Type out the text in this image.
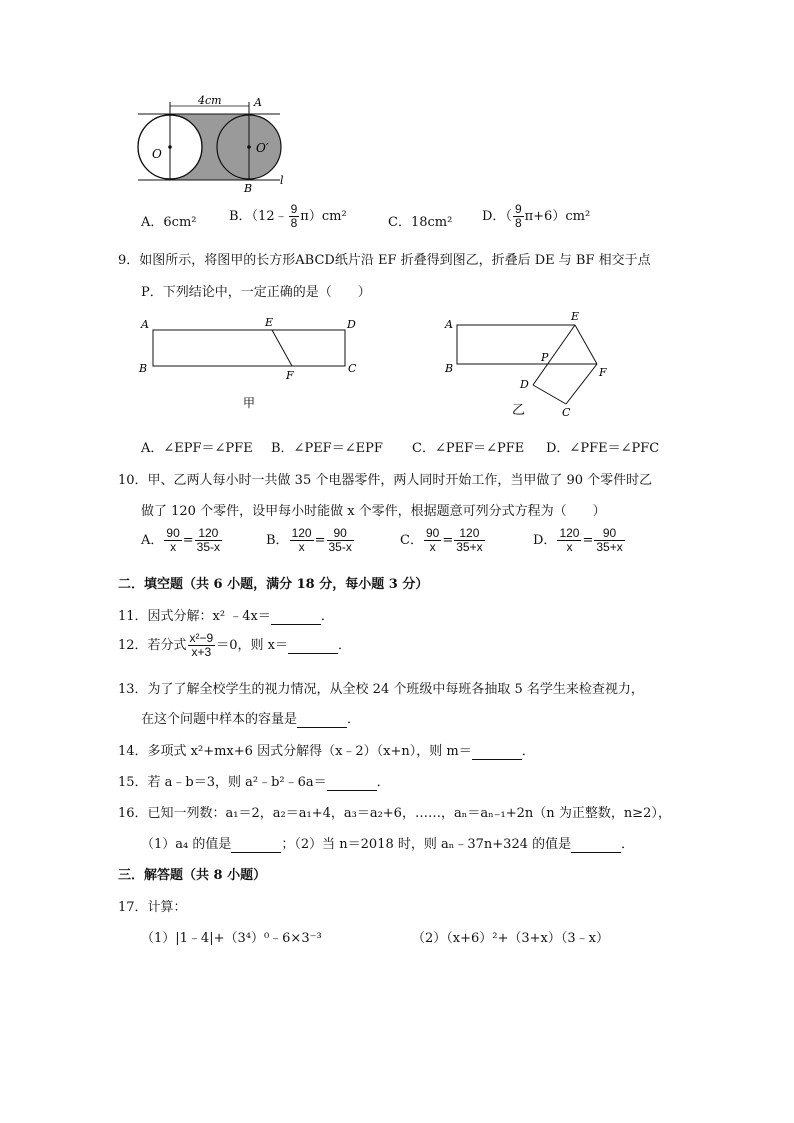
4cm	A
O	O′
B
l
A．6cm²	B．（12﹣ $\frac{9}{8} \pi)cm^2$	C．18cm² D．（ $\frac{9}{8} \pi+6)cm^2$
9．如图所示，将图甲的长方形ABCD纸片沿 EF 折叠得到图乙，折叠后 DE 与 BF 相交于点
P．下列结论中，一定正确的是（　　）
A	E	D
B
F
C
甲
A
E
P
B	F
D
C
乙
A．∠EPF＝∠PFE B．∠PEF＝∠EPF C．∠PEF＝∠PFE D．∠PFE＝∠PFC
10．甲、乙两人每小时一共做 35 个电器零件，两人同时开始工作，当甲做了 90 个零件时乙
做了 120 个零件，设甲每小时能做 x 个零件，根据题意可列分式方程为（　　）
A． $\frac{90}{x} = \frac{120}{35-x}$	B． $\frac{120}{x} = \frac{90}{35-x}$	C． $\frac{90}{x} = \frac{120}{35+x}$	D． $\frac{120}{x} = \frac{90}{35+x}$
二．填空题（共 6 小题，满分 18 分，每小题 3 分）
11．因式分解：x² ﹣4x＝	．
12．若分式 $\frac{\text{x²−9}}{x+3} =0$，则 x＝	．
13．为了了解全校学生的视力情况，从全校 24 个班级中每班各抽取 5 名学生来检查视力，
在这个问题中样本的容量是	．
14．多项式 x²+mx+6 因式分解得（x﹣2）（x+n），则 m＝	．
15．若 a﹣b＝3，则 a²﹣b²﹣6a＝	．
16．已知一列数：a₁＝2，a₂＝a₁+4，a₃＝a₂+6，……，aₙ＝aₙ₋₁+2n（n 为正整数，n≥2），
（1）a₄ 的值是	；（2）当 n＝2018 时，则 aₙ﹣37n+324 的值是	．
三．解答题（共 8 小题）
17．计算：
（1）|1﹣4|+（3⁴）⁰﹣6×3⁻³	（2）（x+6）²+（3+x）（3﹣x）
